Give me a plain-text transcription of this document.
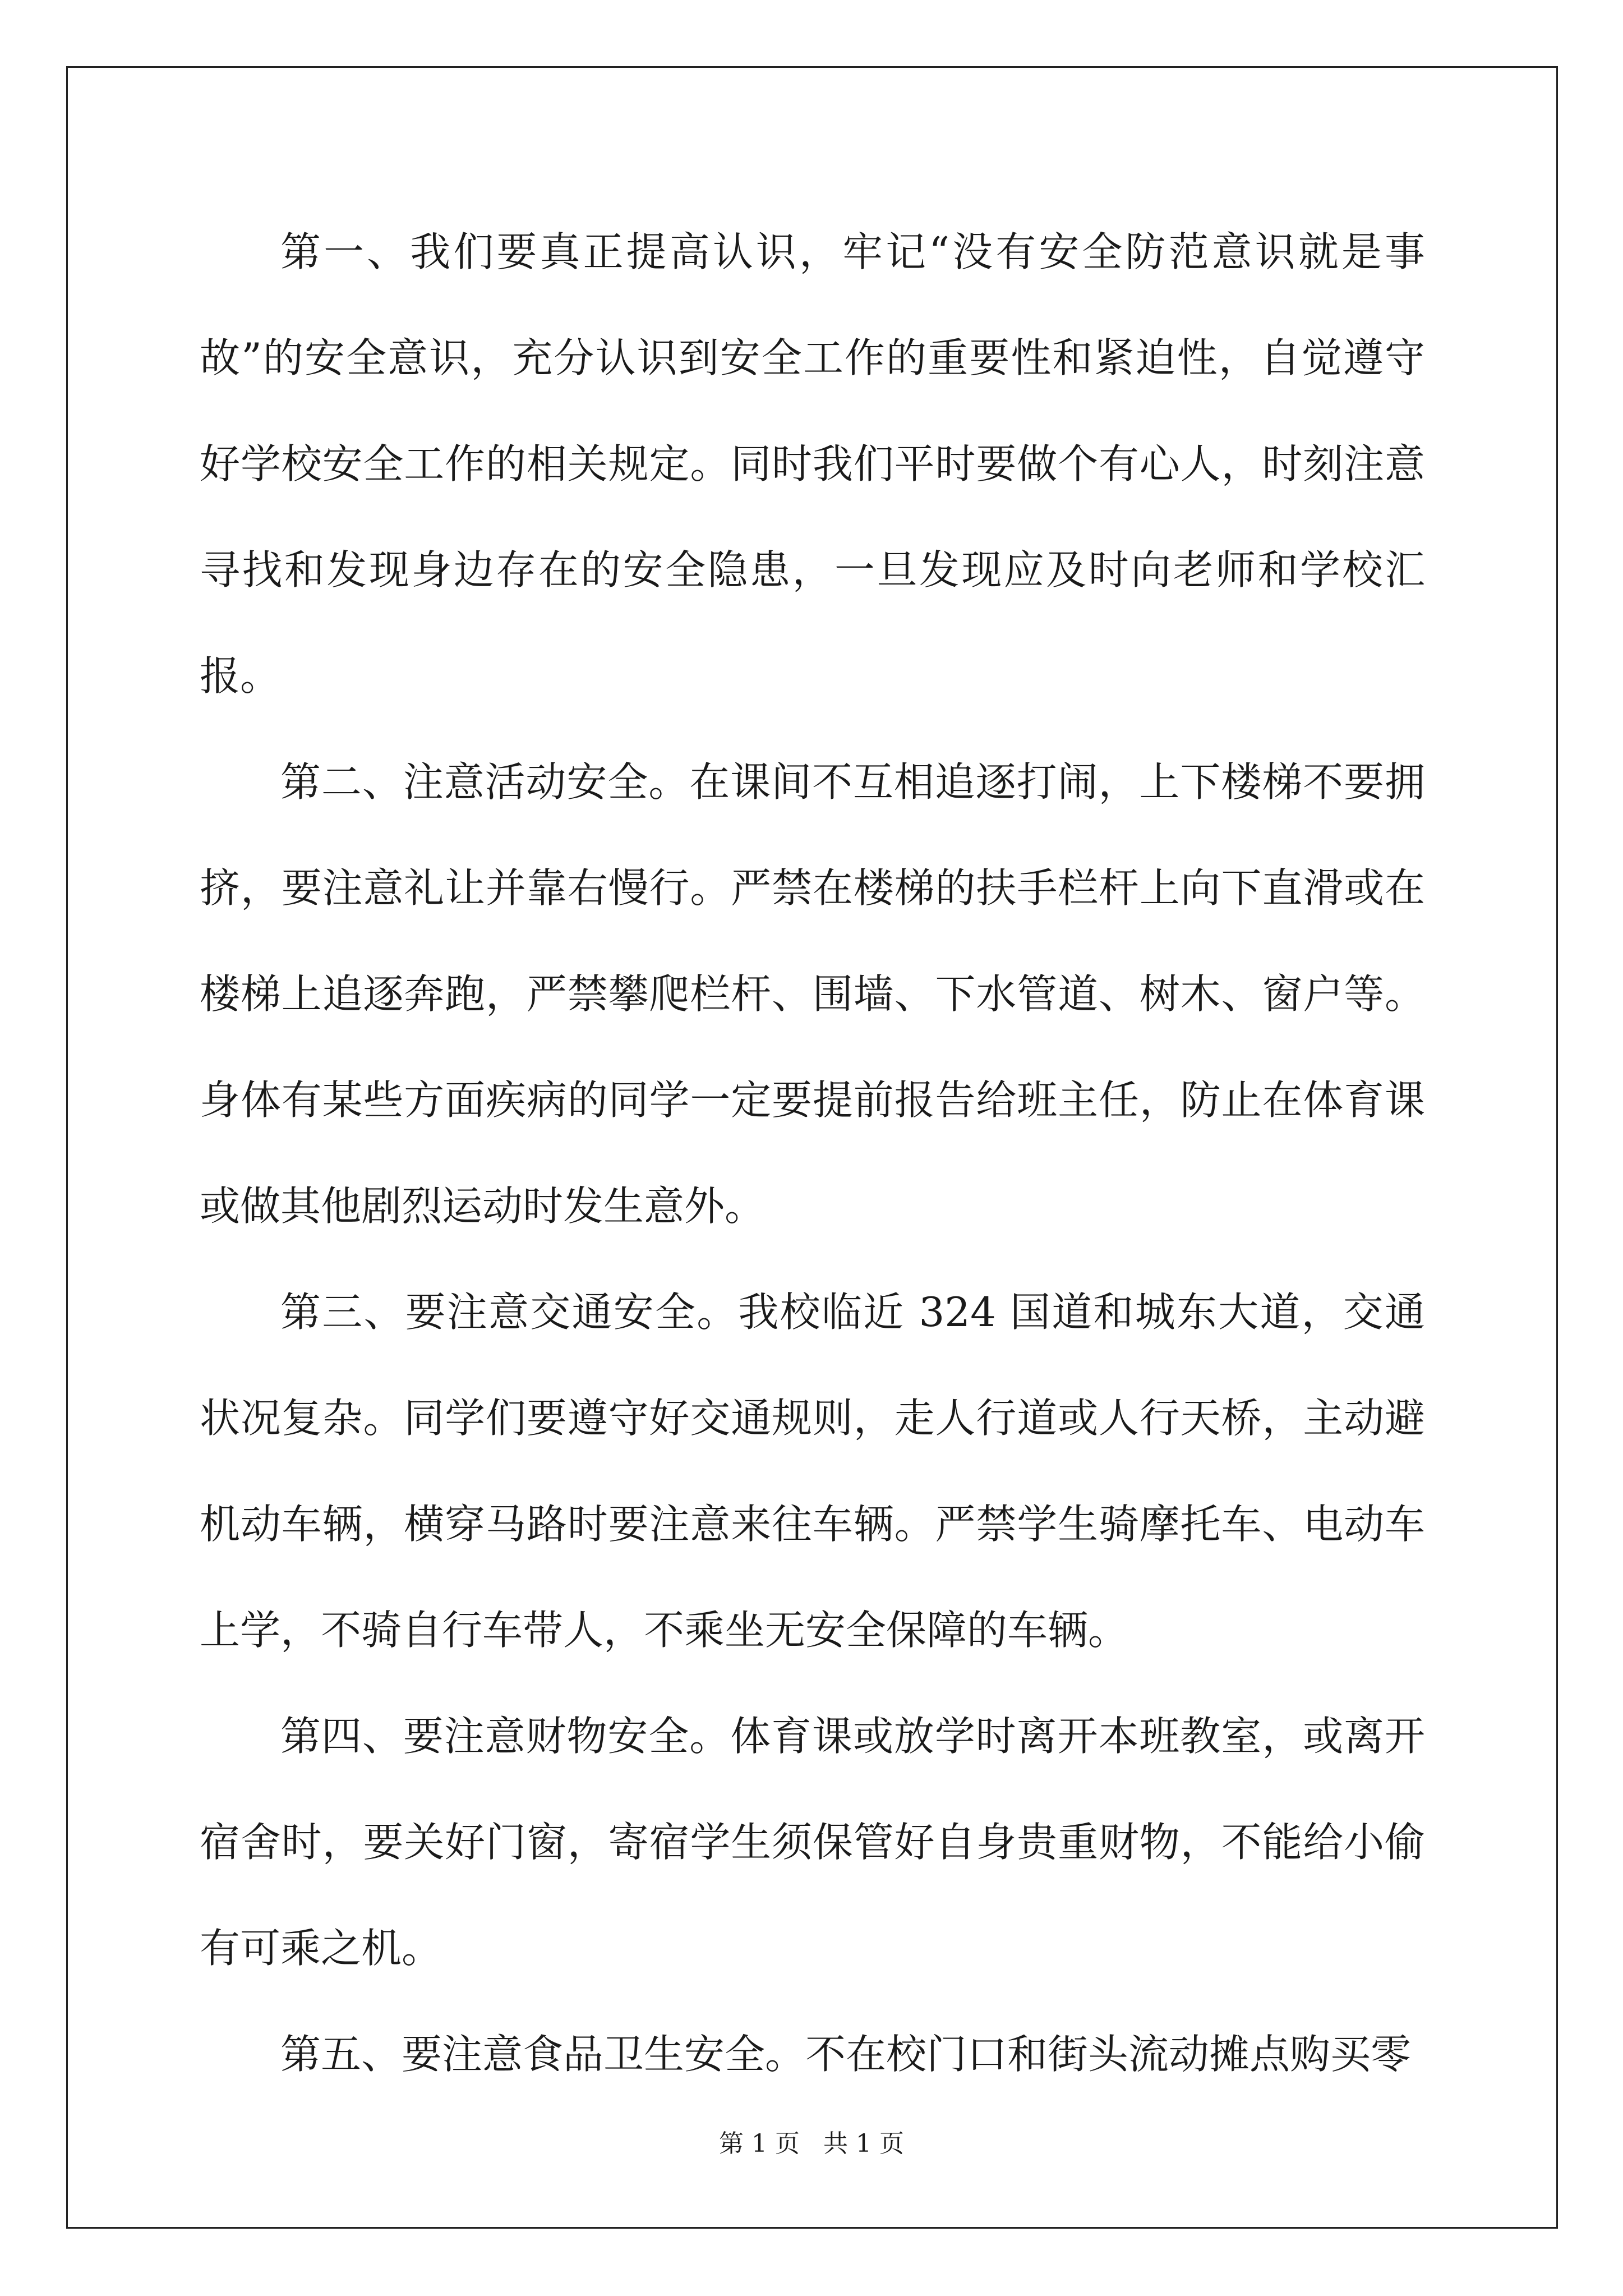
第一、我们要真正提高认识，牢记“没有安全防范意识就是事故”的安全意识，充分认识到安全工作的重要性和紧迫性，自觉遵守好学校安全工作的相关规定。同时我们平时要做个有心人，时刻注意寻找和发现身边存在的安全隐患，一旦发现应及时向老师和学校汇报。

第二、注意活动安全。在课间不互相追逐打闹，上下楼梯不要拥挤，要注意礼让并靠右慢行。严禁在楼梯的扶手栏杆上向下直滑或在楼梯上追逐奔跑，严禁攀爬栏杆、围墙、下水管道、树木、窗户等。身体有某些方面疾病的同学一定要提前报告给班主任，防止在体育课或做其他剧烈运动时发生意外。

第三、要注意交通安全。我校临近 324 国道和城东大道，交通状况复杂。同学们要遵守好交通规则，走人行道或人行天桥，主动避机动车辆，横穿马路时要注意来往车辆。严禁学生骑摩托车、电动车上学，不骑自行车带人，不乘坐无安全保障的车辆。

第四、要注意财物安全。体育课或放学时离开本班教室，或离开宿舍时，要关好门窗，寄宿学生须保管好自身贵重财物，不能给小偷有可乘之机。

第五、要注意食品卫生安全。不在校门口和街头流动摊点购买零

第 1 页 共 1 页
